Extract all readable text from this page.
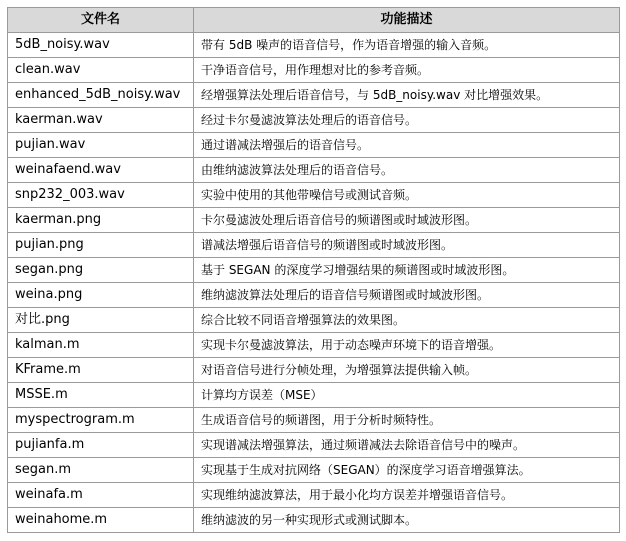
文件名	功能描述
5dB_noisy.wav	带有 5dB 噪声的语音信号，作为语音增强的输入音频。
clean.wav	干净语音信号，用作理想对比的参考音频。
enhanced_5dB_noisy.wav	经增强算法处理后语音信号，与 5dB_noisy.wav 对比增强效果。
kaerman.wav	经过卡尔曼滤波算法处理后的语音信号。
pujian.wav	通过谱减法增强后的语音信号。
weinafaend.wav	由维纳滤波算法处理后的语音信号。
snp232_003.wav	实验中使用的其他带噪信号或测试音频。
kaerman.png	卡尔曼滤波处理后语音信号的频谱图或时域波形图。
pujian.png	谱减法增强后语音信号的频谱图或时域波形图。
segan.png	基于 SEGAN 的深度学习增强结果的频谱图或时域波形图。
weina.png	维纳滤波算法处理后的语音信号频谱图或时域波形图。
对比.png	综合比较不同语音增强算法的效果图。
kalman.m	实现卡尔曼滤波算法，用于动态噪声环境下的语音增强。
KFrame.m	对语音信号进行分帧处理，为增强算法提供输入帧。
MSSE.m	计算均方误差（MSE）
myspectrogram.m	生成语音信号的频谱图，用于分析时频特性。
pujianfa.m	实现谱减法增强算法，通过频谱减法去除语音信号中的噪声。
segan.m	实现基于生成对抗网络（SEGAN）的深度学习语音增强算法。
weinafa.m	实现维纳滤波算法，用于最小化均方误差并增强语音信号。
weinahome.m	维纳滤波的另一种实现形式或测试脚本。
